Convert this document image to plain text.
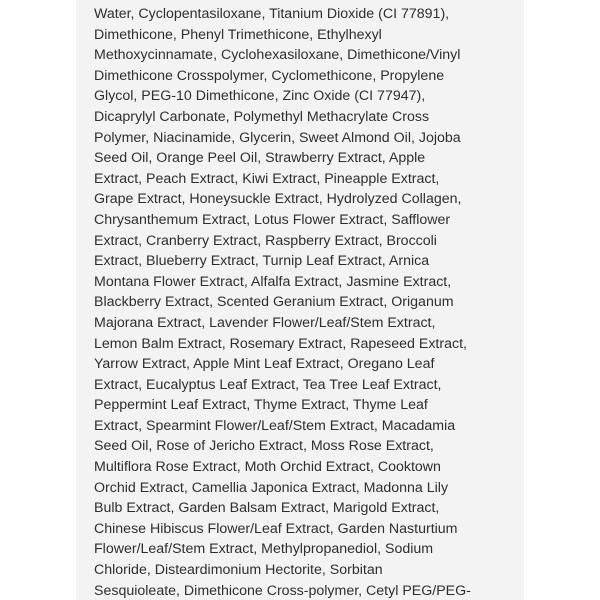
Water, Cyclopentasiloxane, Titanium Dioxide (CI 77891),
Dimethicone, Phenyl Trimethicone, Ethylhexyl
Methoxycinnamate, Cyclohexasiloxane, Dimethicone/Vinyl
Dimethicone Crosspolymer, Cyclomethicone, Propylene
Glycol, PEG-10 Dimethicone, Zinc Oxide (CI 77947),
Dicaprylyl Carbonate, Polymethyl Methacrylate Cross
Polymer, Niacinamide, Glycerin, Sweet Almond Oil, Jojoba
Seed Oil, Orange Peel Oil, Strawberry Extract, Apple
Extract, Peach Extract, Kiwi Extract, Pineapple Extract,
Grape Extract, Honeysuckle Extract, Hydrolyzed Collagen,
Chrysanthemum Extract, Lotus Flower Extract, Safflower
Extract, Cranberry Extract, Raspberry Extract, Broccoli
Extract, Blueberry Extract, Turnip Leaf Extract, Arnica
Montana Flower Extract, Alfalfa Extract, Jasmine Extract,
Blackberry Extract, Scented Geranium Extract, Origanum
Majorana Extract, Lavender Flower/Leaf/Stem Extract,
Lemon Balm Extract, Rosemary Extract, Rapeseed Extract,
Yarrow Extract, Apple Mint Leaf Extract, Oregano Leaf
Extract, Eucalyptus Leaf Extract, Tea Tree Leaf Extract,
Peppermint Leaf Extract, Thyme Extract, Thyme Leaf
Extract, Spearmint Flower/Leaf/Stem Extract, Macadamia
Seed Oil, Rose of Jericho Extract, Moss Rose Extract,
Multiflora Rose Extract, Moth Orchid Extract, Cooktown
Orchid Extract, Camellia Japonica Extract, Madonna Lily
Bulb Extract, Garden Balsam Extract, Marigold Extract,
Chinese Hibiscus Flower/Leaf Extract, Garden Nasturtium
Flower/Leaf/Stem Extract, Methylpropanediol, Sodium
Chloride, Disteardimonium Hectorite, Sorbitan
Sesquioleate, Dimethicone Cross-polymer, Cetyl PEG/PEG-
